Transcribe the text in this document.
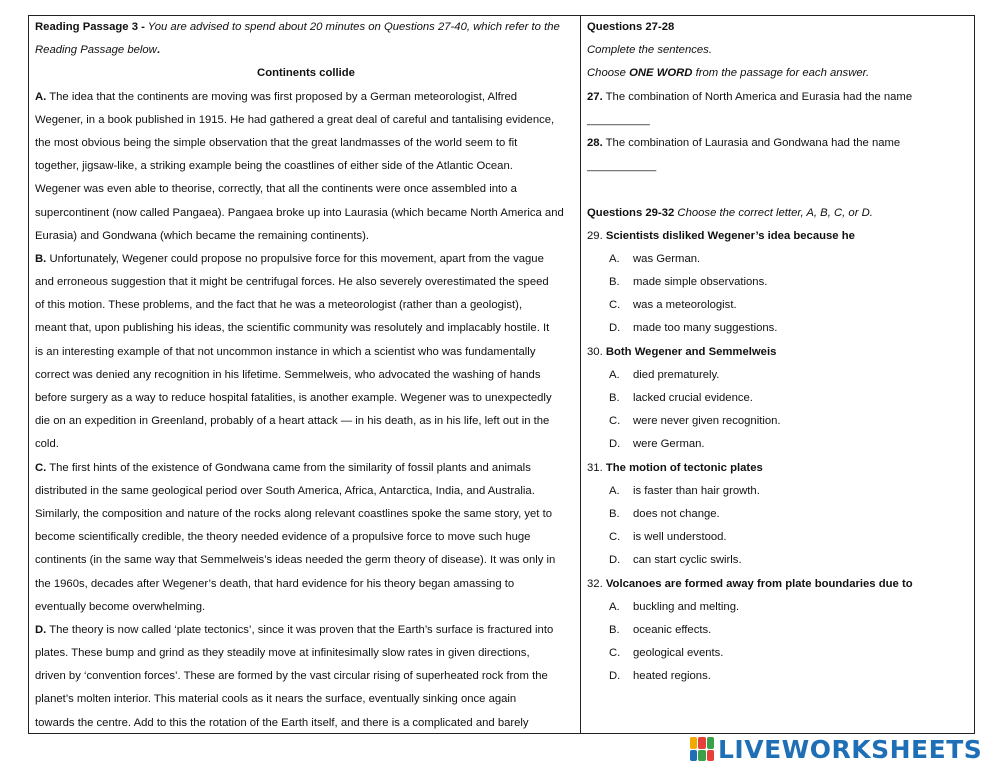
Reading Passage 3 - You are advised to spend about 20 minutes on Questions 27-40, which refer to the
Reading Passage below.
Continents collide
A. The idea that the continents are moving was first proposed by a German meteorologist, Alfred
Wegener, in a book published in 1915. He had gathered a great deal of careful and tantalising evidence,
the most obvious being the simple observation that the great landmasses of the world seem to fit
together, jigsaw-like, a striking example being the coastlines of either side of the Atlantic Ocean.
Wegener was even able to theorise, correctly, that all the continents were once assembled into a
supercontinent (now called Pangaea). Pangaea broke up into Laurasia (which became North America and
Eurasia) and Gondwana (which became the remaining continents).
B. Unfortunately, Wegener could propose no propulsive force for this movement, apart from the vague
and erroneous suggestion that it might be centrifugal forces. He also severely overestimated the speed
of this motion. These problems, and the fact that he was a meteorologist (rather than a geologist),
meant that, upon publishing his ideas, the scientific community was resolutely and implacably hostile. It
is an interesting example of that not uncommon instance in which a scientist who was fundamentally
correct was denied any recognition in his lifetime. Semmelweis, who advocated the washing of hands
before surgery as a way to reduce hospital fatalities, is another example. Wegener was to unexpectedly
die on an expedition in Greenland, probably of a heart attack — in his death, as in his life, left out in the
cold.
C. The first hints of the existence of Gondwana came from the similarity of fossil plants and animals
distributed in the same geological period over South America, Africa, Antarctica, India, and Australia.
Similarly, the composition and nature of the rocks along relevant coastlines spoke the same story, yet to
become scientifically credible, the theory needed evidence of a propulsive force to move such huge
continents (in the same way that Semmelweis’s ideas needed the germ theory of disease). It was only in
the 1960s, decades after Wegener’s death, that hard evidence for his theory began amassing to
eventually become overwhelming.
D. The theory is now called ‘plate tectonics’, since it was proven that the Earth’s surface is fractured into
plates. These bump and grind as they steadily move at infinitesimally slow rates in given directions,
driven by ‘convention forces’. These are formed by the vast circular rising of superheated rock from the
planet’s molten interior. This material cools as it nears the surface, eventually sinking once again
towards the centre. Add to this the rotation of the Earth itself, and there is a complicated and barely
Questions 27-28
Complete the sentences.
Choose ONE WORD from the passage for each answer.
27. The combination of North America and Eurasia had the name
__________
28. The combination of Laurasia and Gondwana had the name
___________
Questions 29-32 Choose the correct letter, A, B, C, or D.
29. Scientists disliked Wegener’s idea because he
A. was German.
B. made simple observations.
C. was a meteorologist.
D. made too many suggestions.
30. Both Wegener and Semmelweis
A. died prematurely.
B. lacked crucial evidence.
C. were never given recognition.
D. were German.
31. The motion of tectonic plates
A. is faster than hair growth.
B. does not change.
C. is well understood.
D. can start cyclic swirls.
32. Volcanoes are formed away from plate boundaries due to
A. buckling and melting.
B. oceanic effects.
C. geological events.
D. heated regions.
LIVEWORKSHEETS
